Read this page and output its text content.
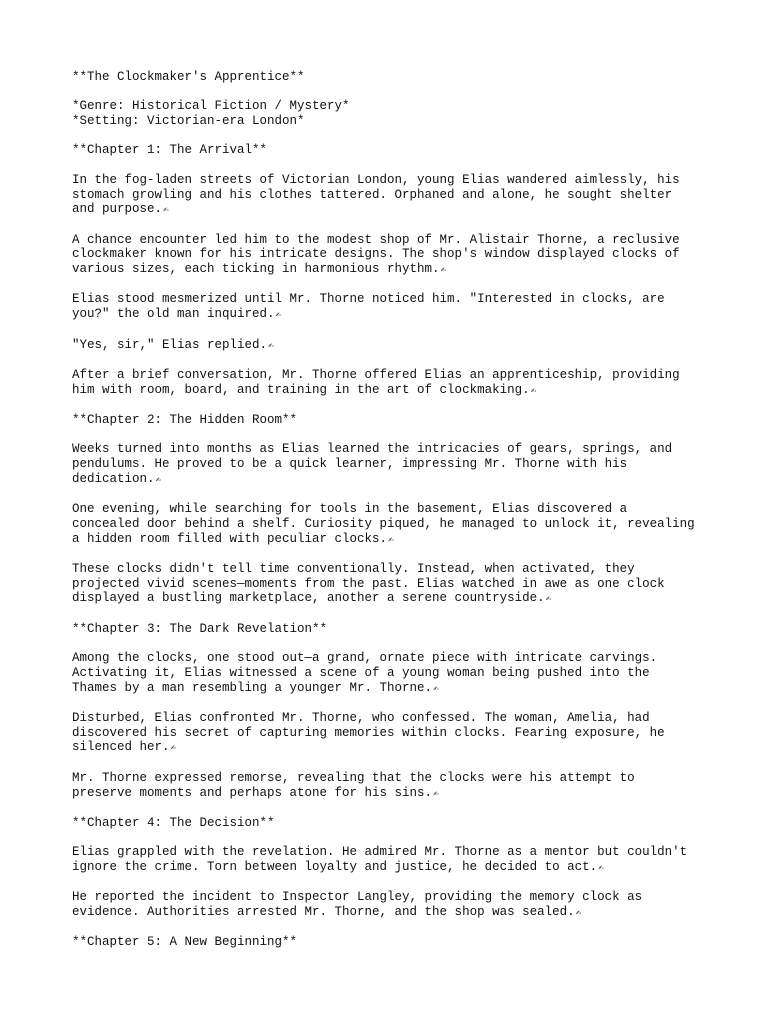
**The Clockmaker's Apprentice**
*Genre: Historical Fiction / Mystery*
*Setting: Victorian-era London*
**Chapter 1: The Arrival**
In the fog-laden streets of Victorian London, young Elias wandered aimlessly, his
stomach growling and his clothes tattered. Orphaned and alone, he sought shelter
and purpose.✍
A chance encounter led him to the modest shop of Mr. Alistair Thorne, a reclusive
clockmaker known for his intricate designs. The shop's window displayed clocks of
various sizes, each ticking in harmonious rhythm.✍
Elias stood mesmerized until Mr. Thorne noticed him. "Interested in clocks, are
you?" the old man inquired.✍
"Yes, sir," Elias replied.✍
After a brief conversation, Mr. Thorne offered Elias an apprenticeship, providing
him with room, board, and training in the art of clockmaking.✍
**Chapter 2: The Hidden Room**
Weeks turned into months as Elias learned the intricacies of gears, springs, and
pendulums. He proved to be a quick learner, impressing Mr. Thorne with his
dedication.✍
One evening, while searching for tools in the basement, Elias discovered a
concealed door behind a shelf. Curiosity piqued, he managed to unlock it, revealing
a hidden room filled with peculiar clocks.✍
These clocks didn't tell time conventionally. Instead, when activated, they
projected vivid scenes—moments from the past. Elias watched in awe as one clock
displayed a bustling marketplace, another a serene countryside.✍
**Chapter 3: The Dark Revelation**
Among the clocks, one stood out—a grand, ornate piece with intricate carvings.
Activating it, Elias witnessed a scene of a young woman being pushed into the
Thames by a man resembling a younger Mr. Thorne.✍
Disturbed, Elias confronted Mr. Thorne, who confessed. The woman, Amelia, had
discovered his secret of capturing memories within clocks. Fearing exposure, he
silenced her.✍
Mr. Thorne expressed remorse, revealing that the clocks were his attempt to
preserve moments and perhaps atone for his sins.✍
**Chapter 4: The Decision**
Elias grappled with the revelation. He admired Mr. Thorne as a mentor but couldn't
ignore the crime. Torn between loyalty and justice, he decided to act.✍
He reported the incident to Inspector Langley, providing the memory clock as
evidence. Authorities arrested Mr. Thorne, and the shop was sealed.✍
**Chapter 5: A New Beginning**
